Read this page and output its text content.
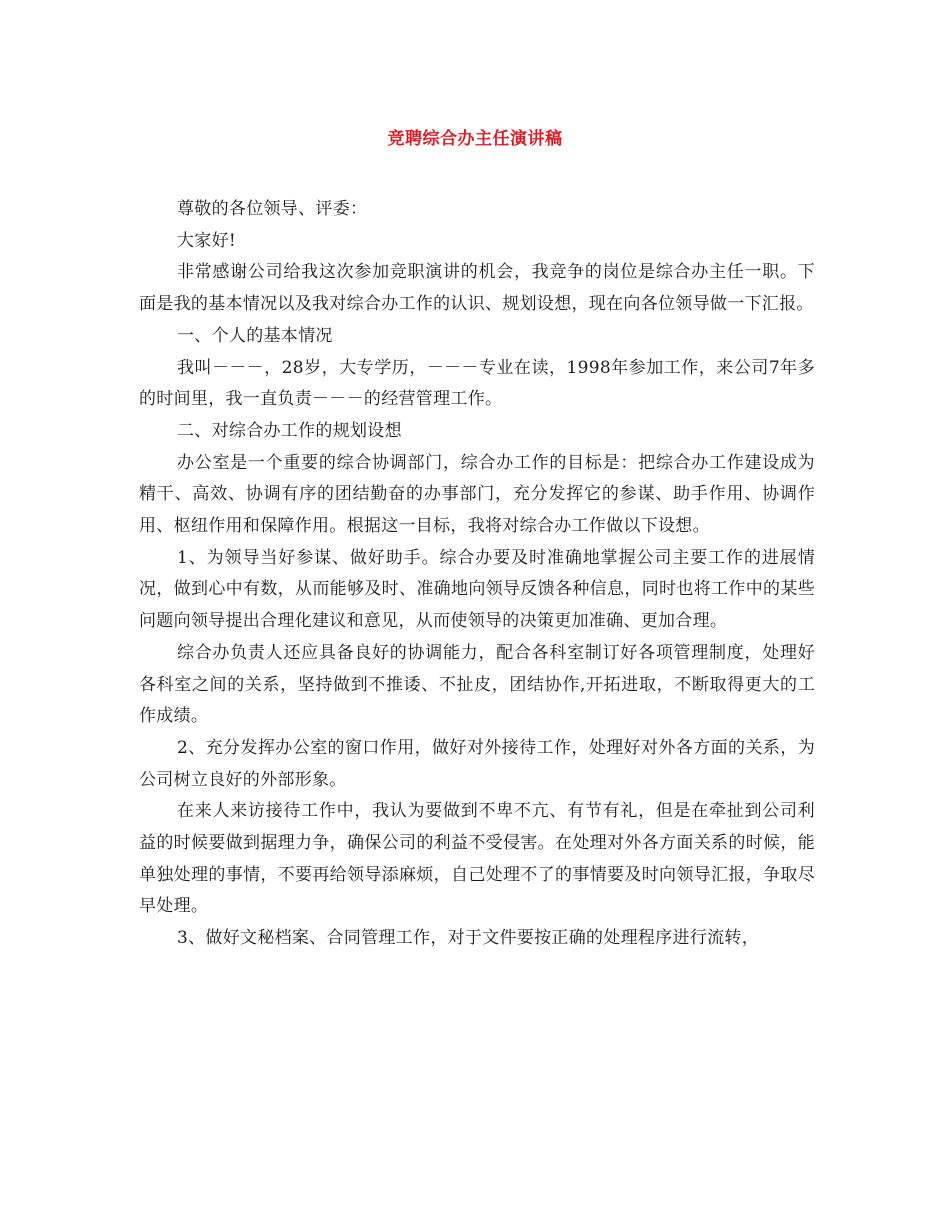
竞聘综合办主任演讲稿

尊敬的各位领导、评委：

大家好!

非常感谢公司给我这次参加竞职演讲的机会，我竞争的岗位是综合办主任一职。下面是我的基本情况以及我对综合办工作的认识、规划设想，现在向各位领导做一下汇报。

一、个人的基本情况

我叫－－－，28岁，大专学历，－－－专业在读，1998年参加工作，来公司7年多的时间里，我一直负责－－－的经营管理工作。

二、对综合办工作的规划设想

办公室是一个重要的综合协调部门，综合办工作的目标是：把综合办工作建设成为精干、高效、协调有序的团结勤奋的办事部门，充分发挥它的参谋、助手作用、协调作用、枢纽作用和保障作用。根据这一目标，我将对综合办工作做以下设想。

1、为领导当好参谋、做好助手。综合办要及时准确地掌握公司主要工作的进展情况，做到心中有数，从而能够及时、准确地向领导反馈各种信息，同时也将工作中的某些问题向领导提出合理化建议和意见，从而使领导的决策更加准确、更加合理。

综合办负责人还应具备良好的协调能力，配合各科室制订好各项管理制度，处理好各科室之间的关系，坚持做到不推诿、不扯皮，团结协作,开拓进取，不断取得更大的工作成绩。

2、充分发挥办公室的窗口作用，做好对外接待工作，处理好对外各方面的关系，为公司树立良好的外部形象。

在来人来访接待工作中，我认为要做到不卑不亢、有节有礼，但是在牵扯到公司利益的时候要做到据理力争，确保公司的利益不受侵害。在处理对外各方面关系的时候，能单独处理的事情，不要再给领导添麻烦，自己处理不了的事情要及时向领导汇报，争取尽早处理。

3、做好文秘档案、合同管理工作，对于文件要按正确的处理程序进行流转，
